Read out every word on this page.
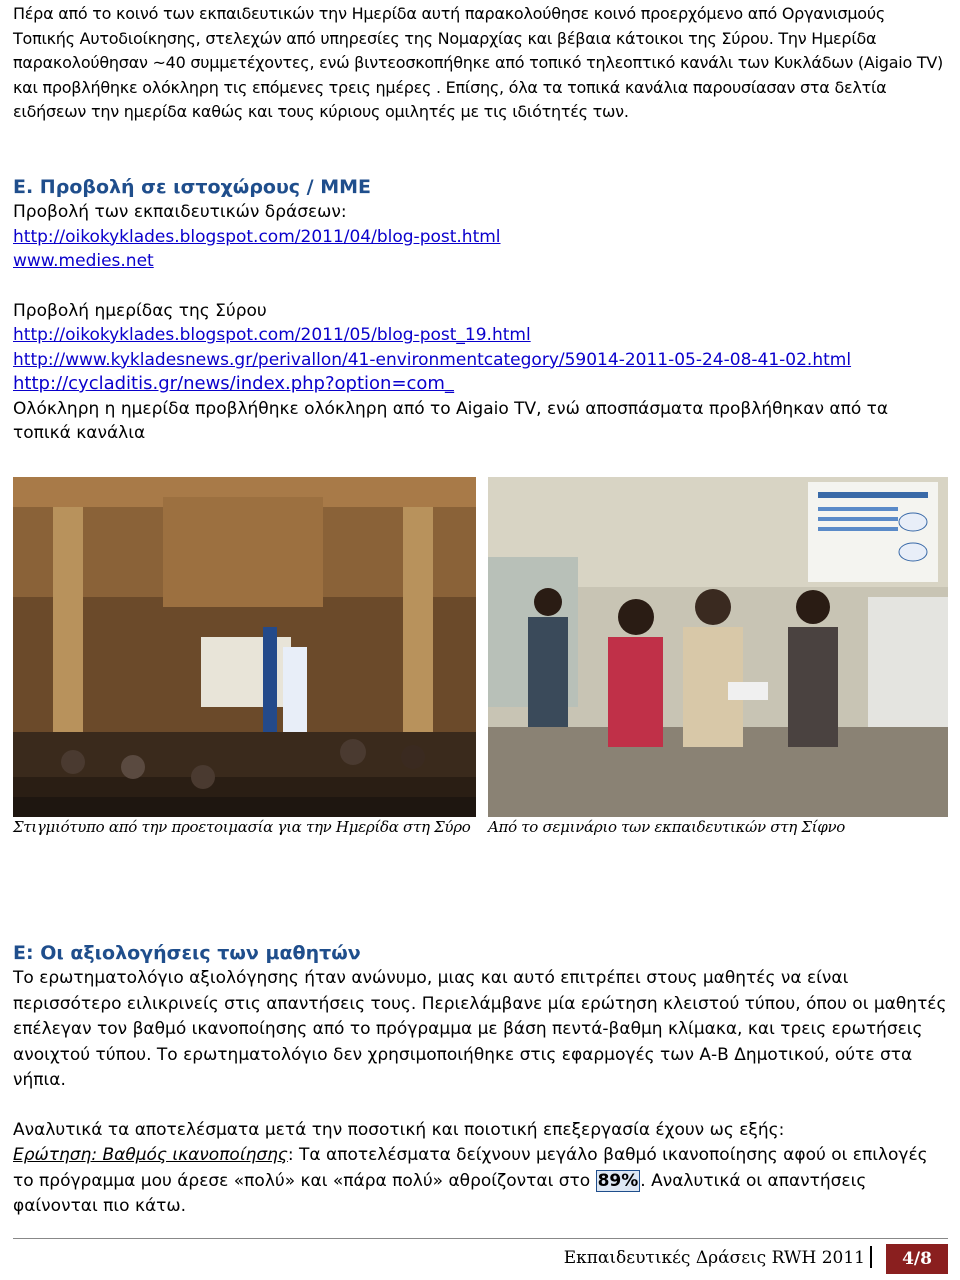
Πέρα από το κοινό των εκπαιδευτικών την Ημερίδα αυτή παρακολούθησε κοινό προερχόμενο από Οργανισμούς Τοπικής Αυτοδιοίκησης, στελεχών από υπηρεσίες της Νομαρχίας και βέβαια κάτοικοι της Σύρου. Την Ημερίδα παρακολούθησαν ~40 συμμετέχοντες, ενώ βιντεοσκοπήθηκε από τοπικό τηλεοπτικό κανάλι των Κυκλάδων (Aigaio TV) και προβλήθηκε ολόκληρη τις επόμενες τρεις ημέρες . Επίσης, όλα τα τοπικά κανάλια παρουσίασαν στα δελτία ειδήσεων την ημερίδα καθώς και τους κύριους ομιλητές με τις ιδιότητές των.

Ε. Προβολή σε ιστοχώρους / ΜΜΕ
Προβολή των εκπαιδευτικών δράσεων:
http://oikokyklades.blogspot.com/2011/04/blog-post.html
www.medies.net
Προβολή ημερίδας της Σύρου
http://oikokyklades.blogspot.com/2011/05/blog-post_19.html
http://www.kykladesnews.gr/perivallon/41-environmentcategory/59014-2011-05-24-08-41-02.html
http://cycladitis.gr/news/index.php?option=com_
Ολόκληρη η ημερίδα προβλήθηκε ολόκληρη από το Aigaio TV, ενώ αποσπάσματα προβλήθηκαν από τα τοπικά κανάλια
Στιγμιότυπο από την προετοιμασία για την Ημερίδα στη Σύρο Από το σεμινάριο των εκπαιδευτικών στη Σίφνο
Ε: Οι αξιολογήσεις των μαθητών

Το ερωτηματολόγιο αξιολόγησης ήταν ανώνυμο, μιας και αυτό επιτρέπει στους μαθητές να είναι περισσότερο ειλικρινείς στις απαντήσεις τους. Περιελάμβανε μία ερώτηση κλειστού τύπου, όπου οι μαθητές επέλεγαν τον βαθμό ικανοποίησης από το πρόγραμμα με βάση πεντά-βαθμη κλίμακα, και τρεις ερωτήσεις ανοιχτού τύπου. Το ερωτηματολόγιο δεν χρησιμοποιήθηκε στις εφαρμογές των Α-Β Δημοτικού, ούτε στα νήπια.

Αναλυτικά τα αποτελέσματα μετά την ποσοτική και ποιοτική επεξεργασία έχουν ως εξής:

Ερώτηση: Βαθμός ικανοποίησης: Τα αποτελέσματα δείχνουν μεγάλο βαθμό ικανοποίησης αφού οι επιλογές το πρόγραμμα μου άρεσε «πολύ» και «πάρα πολύ» αθροίζονται στο 89% . Αναλυτικά οι απαντήσεις φαίνονται πιο κάτω.

Εκπαιδευτικές Δράσεις RWH 2011	4/8
